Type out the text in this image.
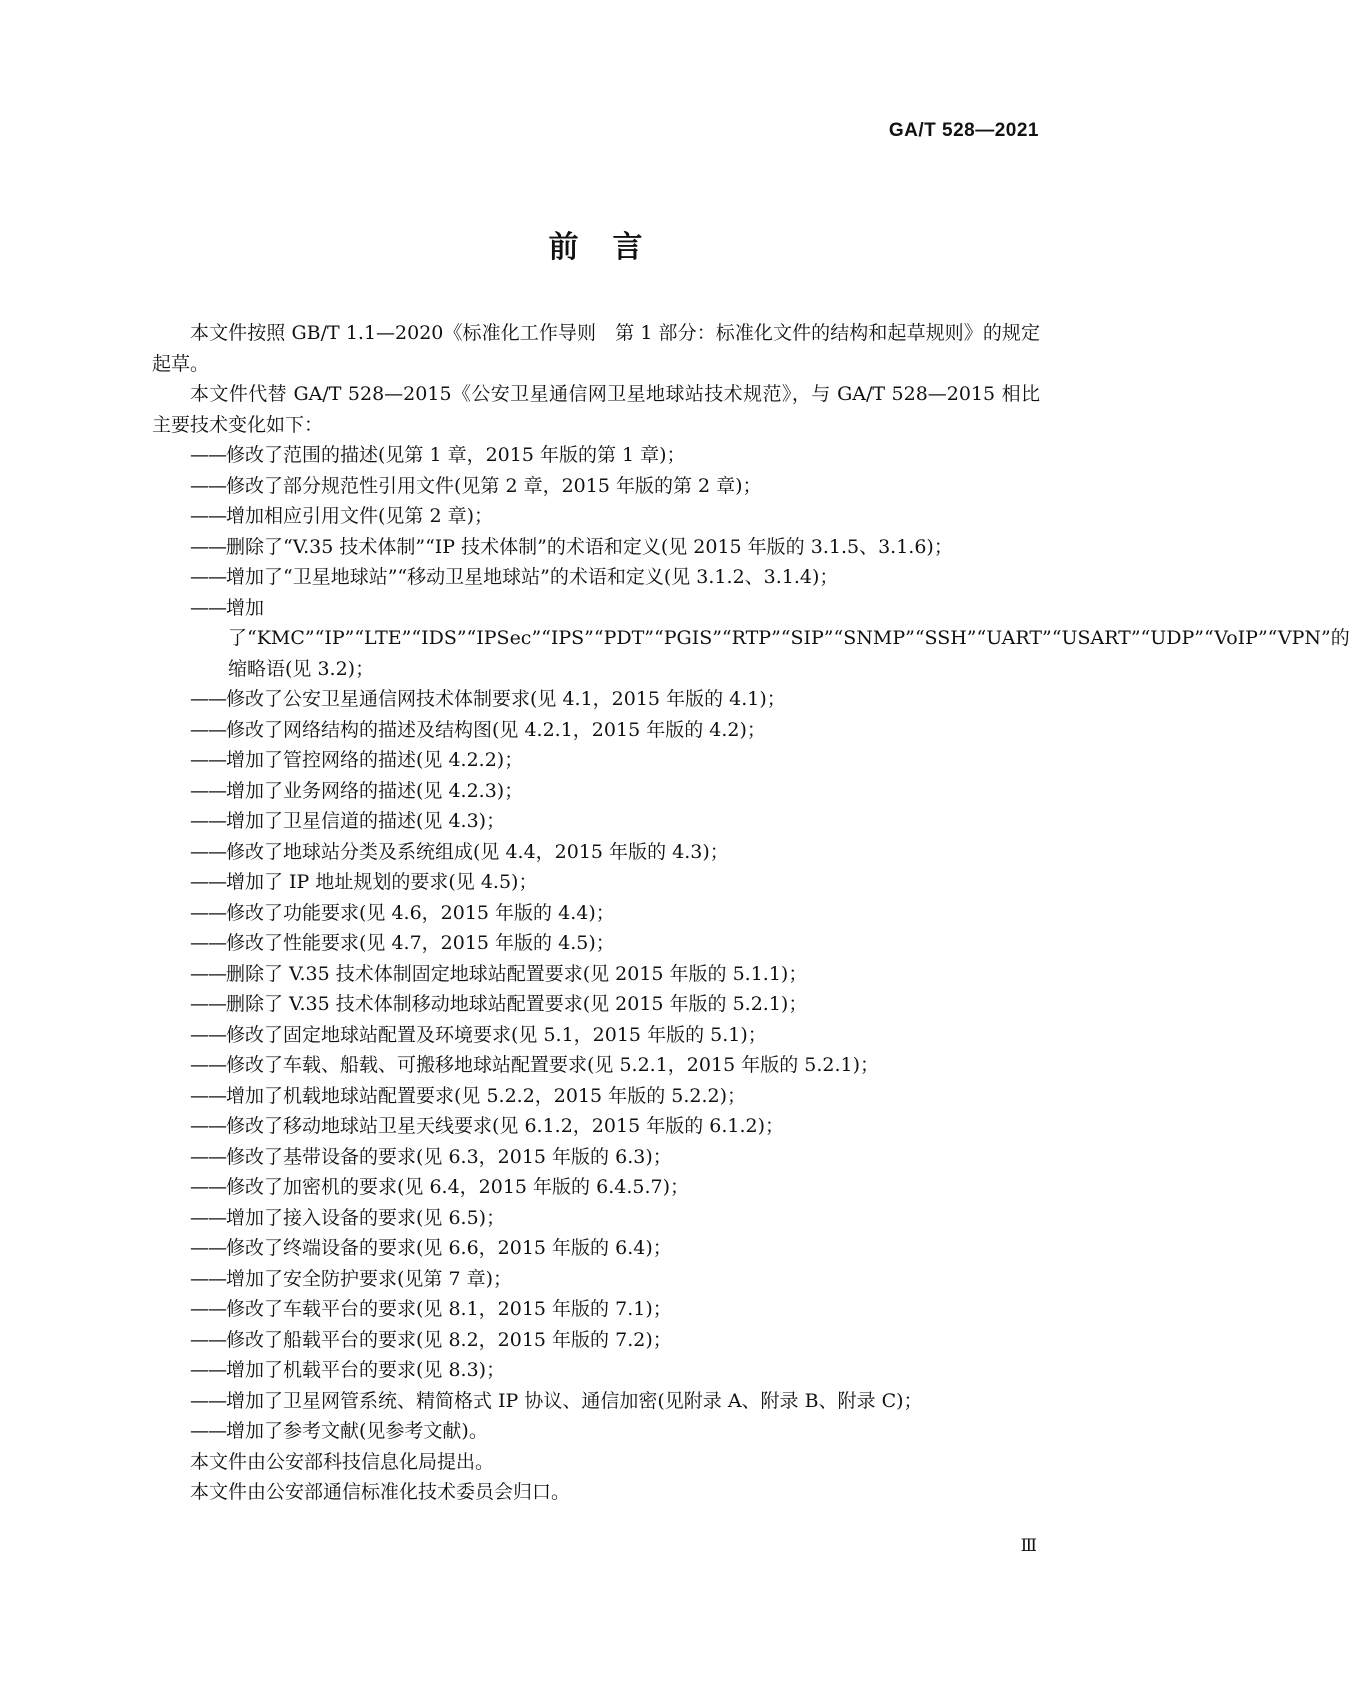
GA/T 528—2021
前言

本文件按照 GB/T 1.1—2020《标准化工作导则　第 1 部分：标准化文件的结构和起草规则》的规定起草。

本文件代替 GA/T 528—2015《公安卫星通信网卫星地球站技术规范》，与 GA/T 528—2015 相比主要技术变化如下：

——修改了范围的描述(见第 1 章，2015 年版的第 1 章)；

——修改了部分规范性引用文件(见第 2 章，2015 年版的第 2 章)；

——增加相应引用文件(见第 2 章)；

——删除了“V.35 技术体制”“IP 技术体制”的术语和定义(见 2015 年版的 3.1.5、3.1.6)；

——增加了“卫星地球站”“移动卫星地球站”的术语和定义(见 3.1.2、3.1.4)；

——增加了“KMC”“IP”“LTE”“IDS”“IPSec”“IPS”“PDT”“PGIS”“RTP”“SIP”“SNMP”“SSH”“UART”“USART”“UDP”“VoIP”“VPN”的缩略语(见 3.2)；

——修改了公安卫星通信网技术体制要求(见 4.1，2015 年版的 4.1)；

——修改了网络结构的描述及结构图(见 4.2.1，2015 年版的 4.2)；

——增加了管控网络的描述(见 4.2.2)；

——增加了业务网络的描述(见 4.2.3)；

——增加了卫星信道的描述(见 4.3)；

——修改了地球站分类及系统组成(见 4.4，2015 年版的 4.3)；

——增加了 IP 地址规划的要求(见 4.5)；

——修改了功能要求(见 4.6，2015 年版的 4.4)；

——修改了性能要求(见 4.7，2015 年版的 4.5)；

——删除了 V.35 技术体制固定地球站配置要求(见 2015 年版的 5.1.1)；

——删除了 V.35 技术体制移动地球站配置要求(见 2015 年版的 5.2.1)；

——修改了固定地球站配置及环境要求(见 5.1，2015 年版的 5.1)；

——修改了车载、船载、可搬移地球站配置要求(见 5.2.1，2015 年版的 5.2.1)；

——增加了机载地球站配置要求(见 5.2.2，2015 年版的 5.2.2)；

——修改了移动地球站卫星天线要求(见 6.1.2，2015 年版的 6.1.2)；

——修改了基带设备的要求(见 6.3，2015 年版的 6.3)；

——修改了加密机的要求(见 6.4，2015 年版的 6.4.5.7)；

——增加了接入设备的要求(见 6.5)；

——修改了终端设备的要求(见 6.6，2015 年版的 6.4)；

——增加了安全防护要求(见第 7 章)；

——修改了车载平台的要求(见 8.1，2015 年版的 7.1)；

——修改了船载平台的要求(见 8.2，2015 年版的 7.2)；

——增加了机载平台的要求(见 8.3)；

——增加了卫星网管系统、精简格式 IP 协议、通信加密(见附录 A、附录 B、附录 C)；

——增加了参考文献(见参考文献)。

本文件由公安部科技信息化局提出。

本文件由公安部通信标准化技术委员会归口。

Ⅲ
